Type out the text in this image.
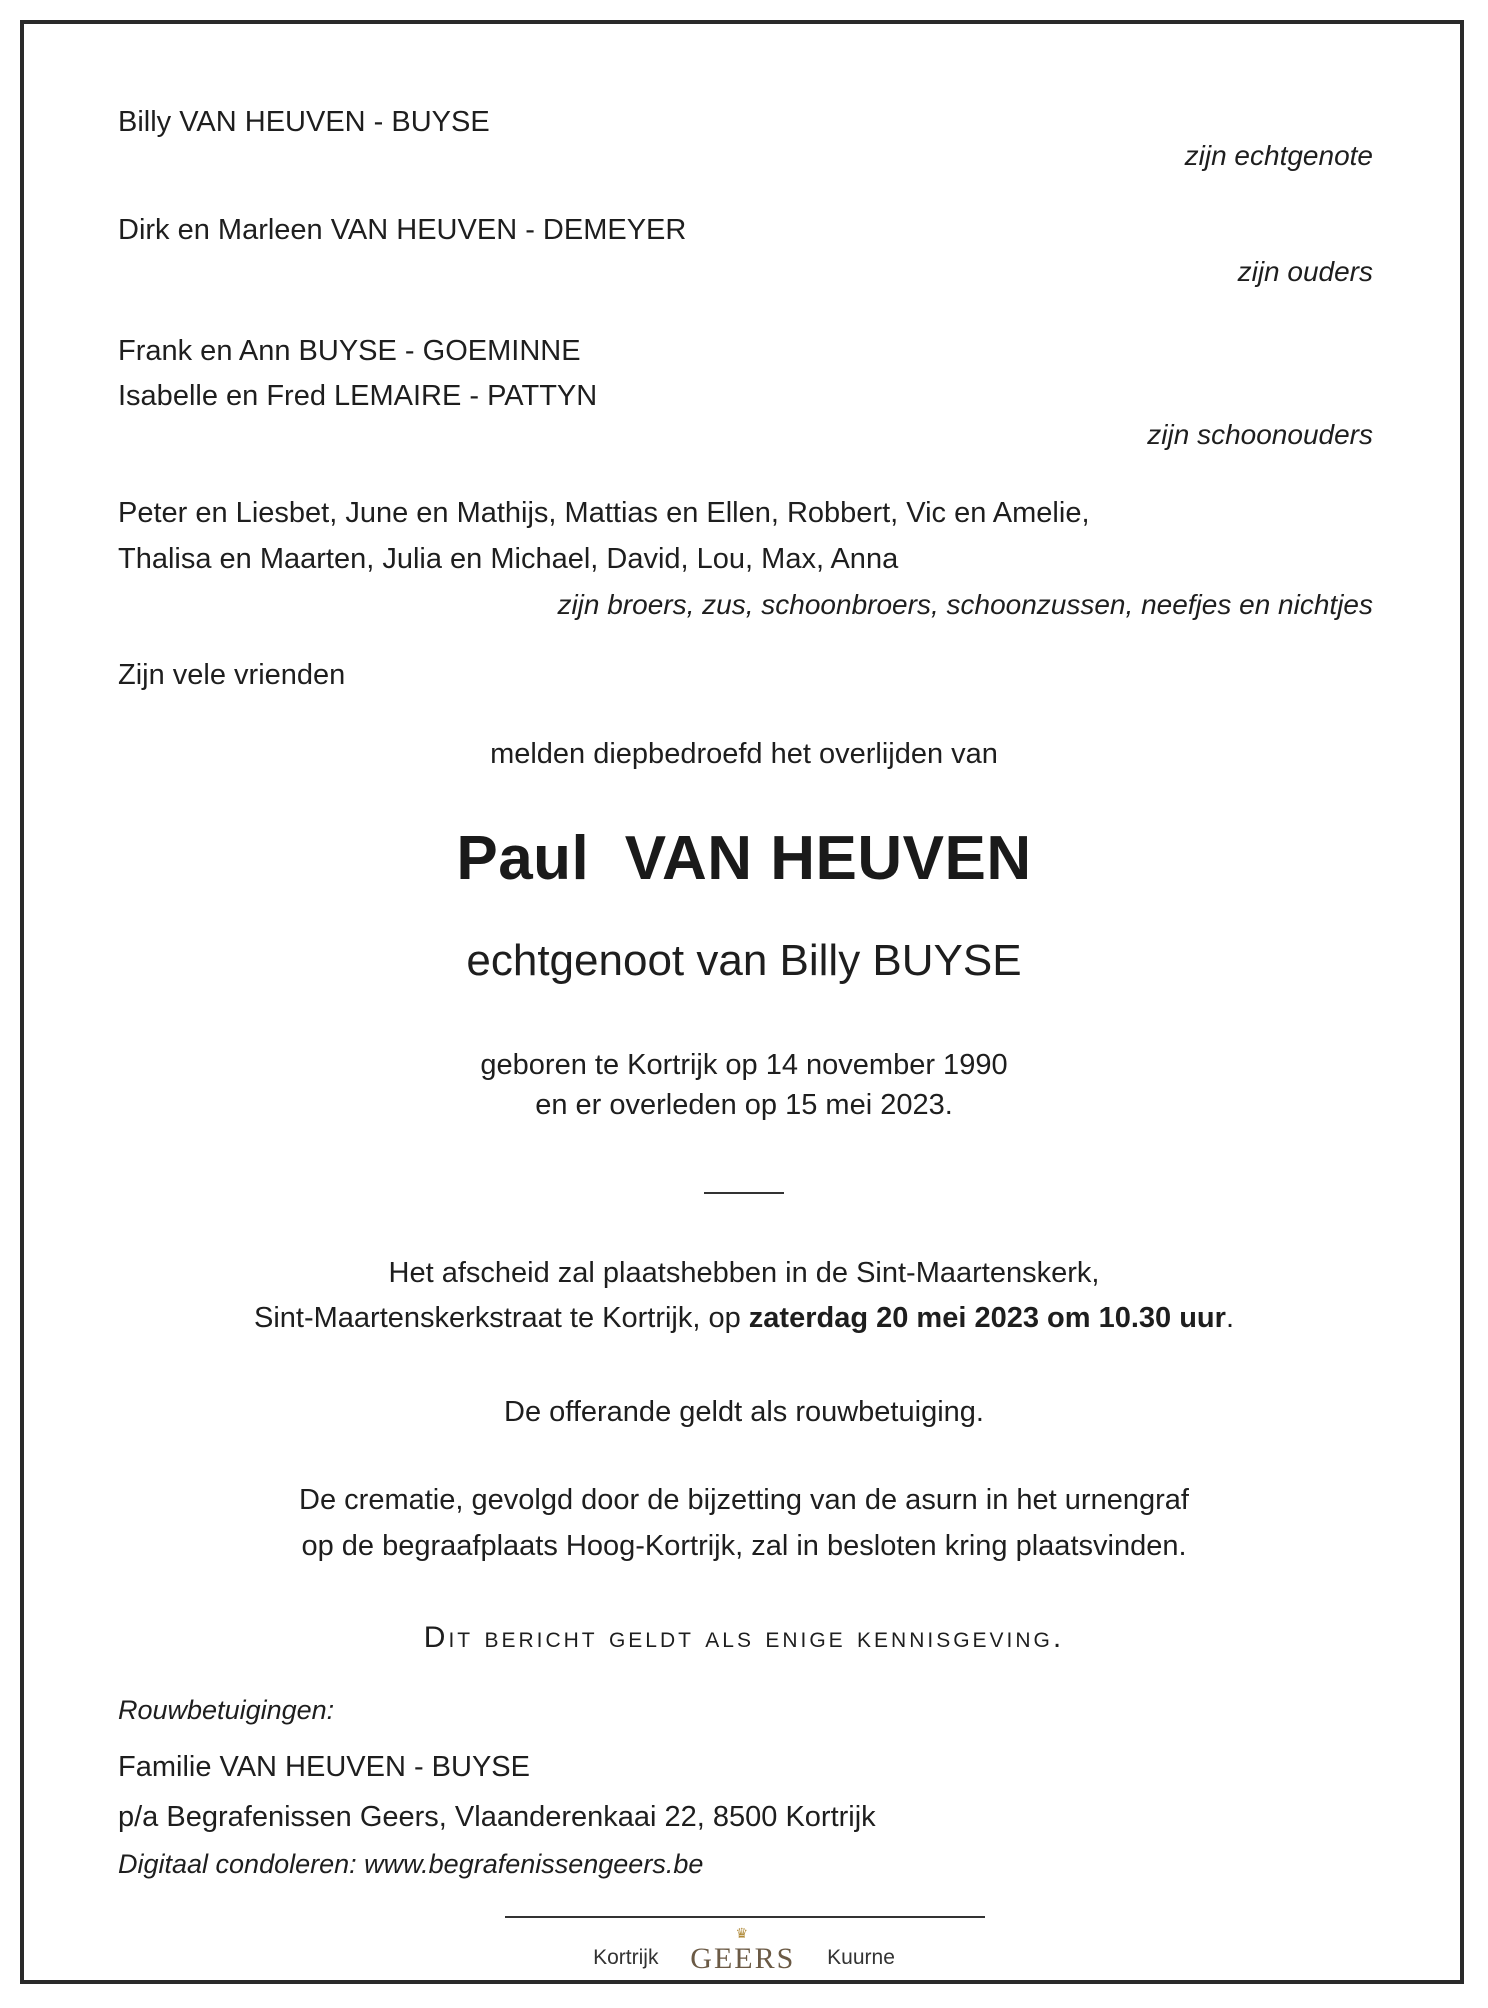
Billy VAN HEUVEN - BUYSE
zijn echtgenote
Dirk en Marleen VAN HEUVEN - DEMEYER
zijn ouders
Frank en Ann BUYSE - GOEMINNE
Isabelle en Fred LEMAIRE - PATTYN
zijn schoonouders
Peter en Liesbet, June en Mathijs, Mattias en Ellen, Robbert, Vic en Amelie,
Thalisa en Maarten, Julia en Michael, David, Lou, Max, Anna
zijn broers, zus, schoonbroers, schoonzussen, neefjes en nichtjes
Zijn vele vrienden
melden diepbedroefd het overlijden van
Paul  VAN HEUVEN
echtgenoot van Billy BUYSE
geboren te Kortrijk op 14 november 1990
en er overleden op 15 mei 2023.
Het afscheid zal plaatshebben in de Sint-Maartenskerk,
Sint-Maartenskerkstraat te Kortrijk, op zaterdag 20 mei 2023 om 10.30 uur.
De offerande geldt als rouwbetuiging.
De crematie, gevolgd door de bijzetting van de asurn in het urnengraf
op de begraafplaats Hoog-Kortrijk, zal in besloten kring plaatsvinden.
Dit bericht geldt als enige kennisgeving.
Rouwbetuigingen:
Familie VAN HEUVEN - BUYSE
p/a Begrafenissen Geers, Vlaanderenkaai 22, 8500 Kortrijk
Digitaal condoleren: www.begrafenissengeers.be
Kortrijk
♛
GEERS Kuurne
